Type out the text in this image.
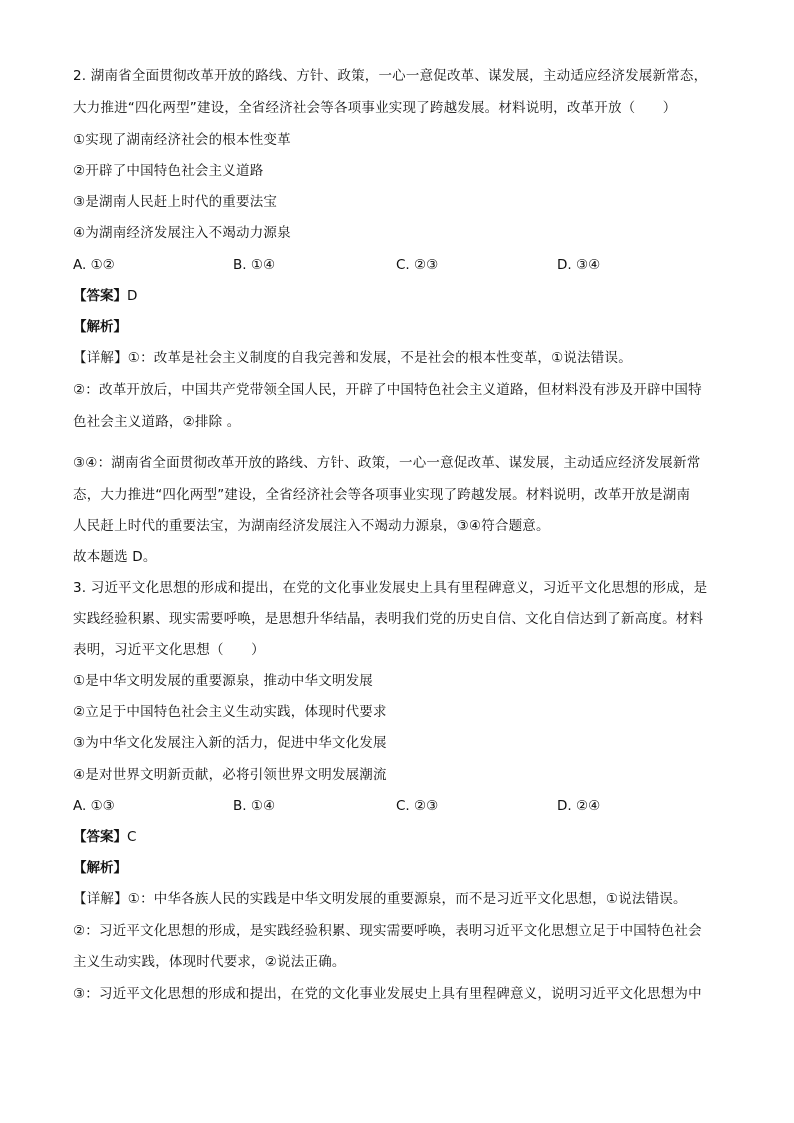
2. 湖南省全面贯彻改革开放的路线、方针、政策，一心一意促改革、谋发展，主动适应经济发展新常态，
大力推进“四化两型”建设，全省经济社会等各项事业实现了跨越发展。材料说明，改革开放（　　）
①实现了湖南经济社会的根本性变革
②开辟了中国特色社会主义道路
③是湖南人民赶上时代的重要法宝
④为湖南经济发展注入不竭动力源泉
A. ①②	B. ①④	C. ②③	D. ③④
【答案】D
【解析】
【详解】①：改革是社会主义制度的自我完善和发展，不是社会的根本性变革，①说法错误。
②：改革开放后，中国共产党带领全国人民，开辟了中国特色社会主义道路，但材料没有涉及开辟中国特
色社会主义道路，②排除 。
③④：湖南省全面贯彻改革开放的路线、方针、政策，一心一意促改革、谋发展，主动适应经济发展新常
态，大力推进“四化两型”建设，全省经济社会等各项事业实现了跨越发展。材料说明，改革开放是湖南
人民赶上时代的重要法宝，为湖南经济发展注入不竭动力源泉，③④符合题意。
故本题选 D。
3. 习近平文化思想的形成和提出，在党的文化事业发展史上具有里程碑意义，习近平文化思想的形成，是
实践经验积累、现实需要呼唤，是思想升华结晶，表明我们党的历史自信、文化自信达到了新高度。材料
表明，习近平文化思想（　　）
①是中华文明发展的重要源泉，推动中华文明发展
②立足于中国特色社会主义生动实践，体现时代要求
③为中华文化发展注入新的活力，促进中华文化发展
④是对世界文明新贡献，必将引领世界文明发展潮流
A. ①③	B. ①④	C. ②③	D. ②④
【答案】C
【解析】
【详解】①：中华各族人民的实践是中华文明发展的重要源泉，而不是习近平文化思想，①说法错误。
②：习近平文化思想的形成，是实践经验积累、现实需要呼唤，表明习近平文化思想立足于中国特色社会
主义生动实践，体现时代要求，②说法正确。
③：习近平文化思想的形成和提出，在党的文化事业发展史上具有里程碑意义，说明习近平文化思想为中
